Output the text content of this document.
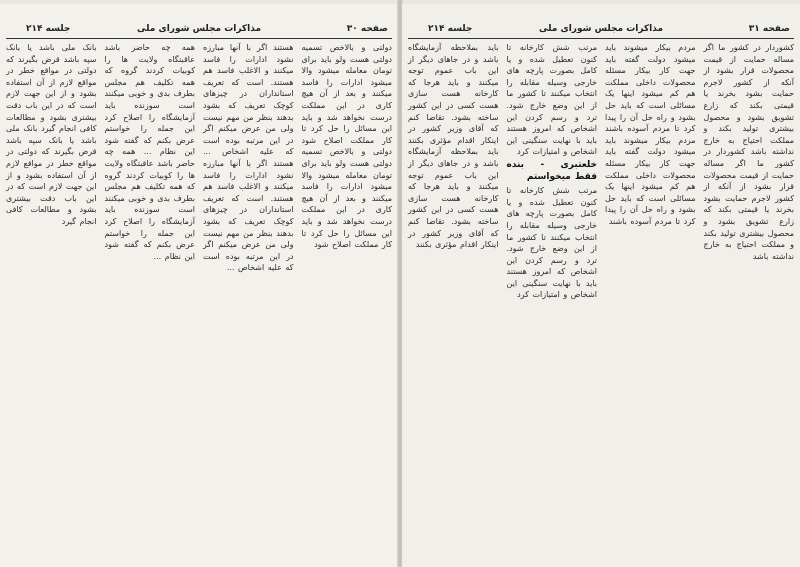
صفحه ۳۰
مذاکرات مجلس شورای ملی
جلسه ۲۱۴
دولتی و بالاخص تسمیه دولتی هست ولو باید برای تومان معامله میشود والا میشود ادارات را فاسد میکنند و بعد از آن هیچ کاری در این مملکت درست نخواهد شد و باید این مسائل را حل کرد تا کار مملکت اصلاح شود دولتی و بالاخص تسمیه دولتی هست ولو باید برای تومان معامله میشود والا میشود ادارات را فاسد میکنند و بعد از آن هیچ کاری در این مملکت درست نخواهد شد و باید این مسائل را حل کرد تا کار مملکت اصلاح شود
هستند اگر با آنها مبارزه نشود ادارات را فاسد میکنند و الاغلب فاسد هم هستند. است که تعریف استانداران در چیزهای کوچک تعریف که بشود بدهند بنظر من مهم نیست ولی من عرض میکنم اگر در این مرتبه بوده است که علیه اشخاص ... هستند اگر با آنها مبارزه نشود ادارات را فاسد میکنند و الاغلب فاسد هم هستند. است که تعریف استانداران در چیزهای کوچک تعریف که بشود بدهند بنظر من مهم نیست ولی من عرض میکنم اگر در این مرتبه بوده است که علیه اشخاص ...
همه چه حاضر باشد عاقبتگاه ولایت ها را کوبیات کردند گروه که همه تکلیف هم مجلس بطرف بدی و خوبی میکنند است سوزنده باید آزمایشگاه را اصلاح کرد این جمله را خواستم عرض بکنم که گفته شود این نظام ... همه چه حاضر باشد عاقبتگاه ولایت ها را کوبیات کردند گروه که همه تکلیف هم مجلس بطرف بدی و خوبی میکنند است سوزنده باید آزمایشگاه را اصلاح کرد این جمله را خواستم عرض بکنم که گفته شود این نظام ...
بانک ملی باشد یا بانک سپه باشد قرض بگیرند که دولتی در مواقع خطر در مواقع لازم از آن استفاده بشود و از این جهت لازم است که در این باب دقت بیشتری بشود و مطالعات کافی انجام گیرد بانک ملی باشد یا بانک سپه باشد قرض بگیرند که دولتی در مواقع خطر در مواقع لازم از آن استفاده بشود و از این جهت لازم است که در این باب دقت بیشتری بشود و مطالعات کافی انجام گیرد
صفحه ۳۱
مذاکرات مجلس شورای ملی
جلسه ۲۱۴
کشوردار در کشور ما اگر مساله حمایت از قیمت محصولات قرار بشود از آنکه از کشور لاجرم حمایت بشود بخرند یا قیمتی بکند که زارع تشویق بشود و محصول بیشتری تولید بکند و مملکت احتیاج به خارج نداشته باشد کشوردار در کشور ما اگر مساله حمایت از قیمت محصولات قرار بشود از آنکه از کشور لاجرم حمایت بشود بخرند یا قیمتی بکند که زارع تشویق بشود و محصول بیشتری تولید بکند و مملکت احتیاج به خارج نداشته باشد
مردم بیکار میشوند باید میشود دولت گفته باید جهت کار بیکار مسئله محصولات داخلی مملکت هم کم میشود اینها یک مسائلی است که باید حل بشود و راه حل آن را پیدا کرد تا مردم آسوده باشند مردم بیکار میشوند باید میشود دولت گفته باید جهت کار بیکار مسئله محصولات داخلی مملکت هم کم میشود اینها یک مسائلی است که باید حل بشود و راه حل آن را پیدا کرد تا مردم آسوده باشند
مرتب شش کارخانه تا کنون تعطیل شده و یا کامل بصورت پارچه های خارجی وسیله مقابله را انتخاب میکنند تا کشور ما از این وضع خارج شود. ترد و رسم کردن این اشخاص که امروز هستند باید با نهایت سنگینی این اشخاص و امتیازات کرد
خلعتبری - بنده فقط میخواستم
مرتب شش کارخانه تا کنون تعطیل شده و یا کامل بصورت پارچه های خارجی وسیله مقابله را انتخاب میکنند تا کشور ما از این وضع خارج شود. ترد و رسم کردن این اشخاص که امروز هستند باید با نهایت سنگینی این اشخاص و امتیازات کرد
باید بملاحظه آزمایشگاه باشد و در جاهای دیگر از این باب عموم توجه میکنند و باید هرجا که کارخانه هست سازی هست کسی در این کشور ساخته بشود. تقاضا کنم که آقای وزیر کشور در اینکار اقدام مؤثری بکنند باید بملاحظه آزمایشگاه باشد و در جاهای دیگر از این باب عموم توجه میکنند و باید هرجا که کارخانه هست سازی هست کسی در این کشور ساخته بشود. تقاضا کنم که آقای وزیر کشور در اینکار اقدام مؤثری بکنند
